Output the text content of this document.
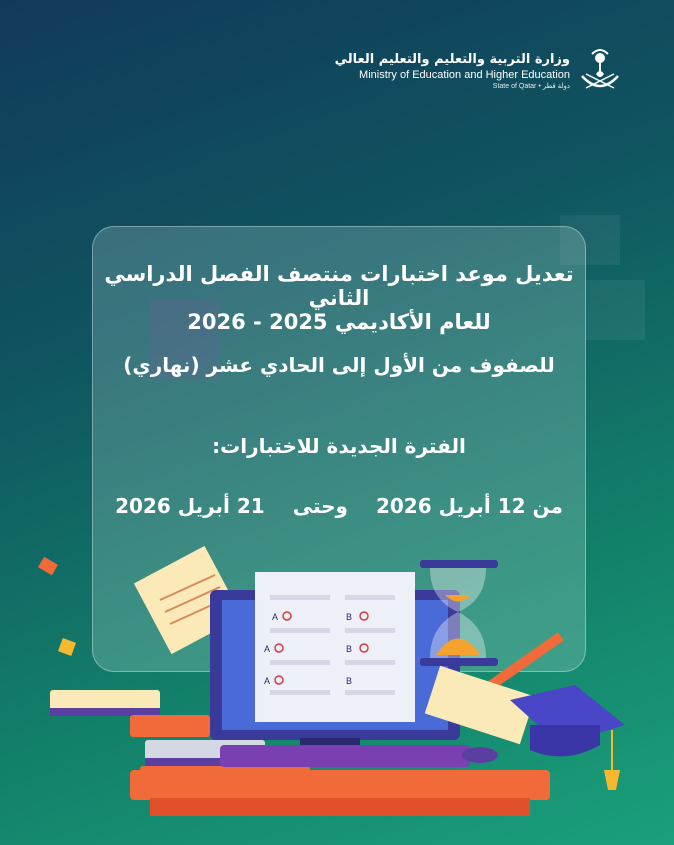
وزارة التربية والتعليم والتعليم العالي
Ministry of Education and Higher Education
State of Qatar • دولة قطر
A	B
A	B
A	B
تعديل موعد اختبارات منتصف الفصل الدراسي الثاني
للعام الأكاديمي 2025 - 2026
للصفوف من الأول إلى الحادي عشر (نهاري)
الفترة الجديدة للاختبارات:
من 12 أبريل 2026وحتى21 أبريل 2026
